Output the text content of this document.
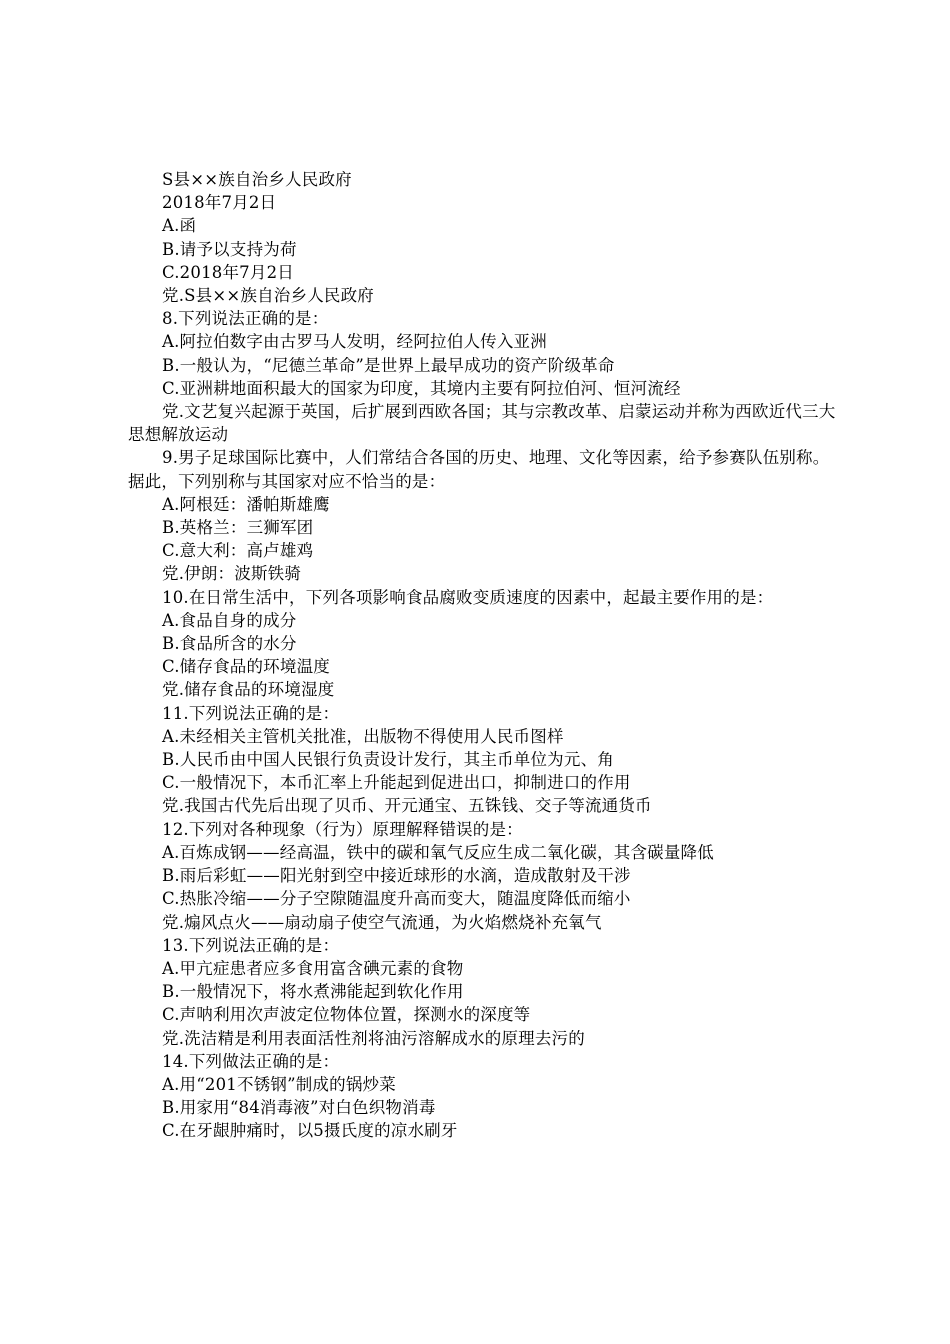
S县××族自治乡人民政府
2018年7月2日
A.函
B.请予以支持为荷
C.2018年7月2日
党.S县××族自治乡人民政府
8.下列说法正确的是：
A.阿拉伯数字由古罗马人发明，经阿拉伯人传入亚洲
B.一般认为，“尼德兰革命”是世界上最早成功的资产阶级革命
C.亚洲耕地面积最大的国家为印度，其境内主要有阿拉伯河、恒河流经
党.文艺复兴起源于英国，后扩展到西欧各国；其与宗教改革、启蒙运动并称为西欧近代三大思想解放运动
9.男子足球国际比赛中，人们常结合各国的历史、地理、文化等因素，给予参赛队伍别称。据此，下列别称与其国家对应不恰当的是：
A.阿根廷：潘帕斯雄鹰
B.英格兰：三狮军团
C.意大利：高卢雄鸡
党.伊朗：波斯铁骑
10.在日常生活中，下列各项影响食品腐败变质速度的因素中，起最主要作用的是：
A.食品自身的成分
B.食品所含的水分
C.储存食品的环境温度
党.储存食品的环境湿度
11.下列说法正确的是：
A.未经相关主管机关批准，出版物不得使用人民币图样
B.人民币由中国人民银行负责设计发行，其主币单位为元、角
C.一般情况下，本币汇率上升能起到促进出口，抑制进口的作用
党.我国古代先后出现了贝币、开元通宝、五铢钱、交子等流通货币
12.下列对各种现象（行为）原理解释错误的是：
A.百炼成钢——经高温，铁中的碳和氧气反应生成二氧化碳，其含碳量降低
B.雨后彩虹——阳光射到空中接近球形的水滴，造成散射及干涉
C.热胀冷缩——分子空隙随温度升高而变大，随温度降低而缩小
党.煽风点火——扇动扇子使空气流通，为火焰燃烧补充氧气
13.下列说法正确的是：
A.甲亢症患者应多食用富含碘元素的食物
B.一般情况下，将水煮沸能起到软化作用
C.声呐利用次声波定位物体位置，探测水的深度等
党.洗洁精是利用表面活性剂将油污溶解成水的原理去污的
14.下列做法正确的是：
A.用“201不锈钢”制成的锅炒菜
B.用家用“84消毒液”对白色织物消毒
C.在牙龈肿痛时，以5摄氏度的凉水刷牙
